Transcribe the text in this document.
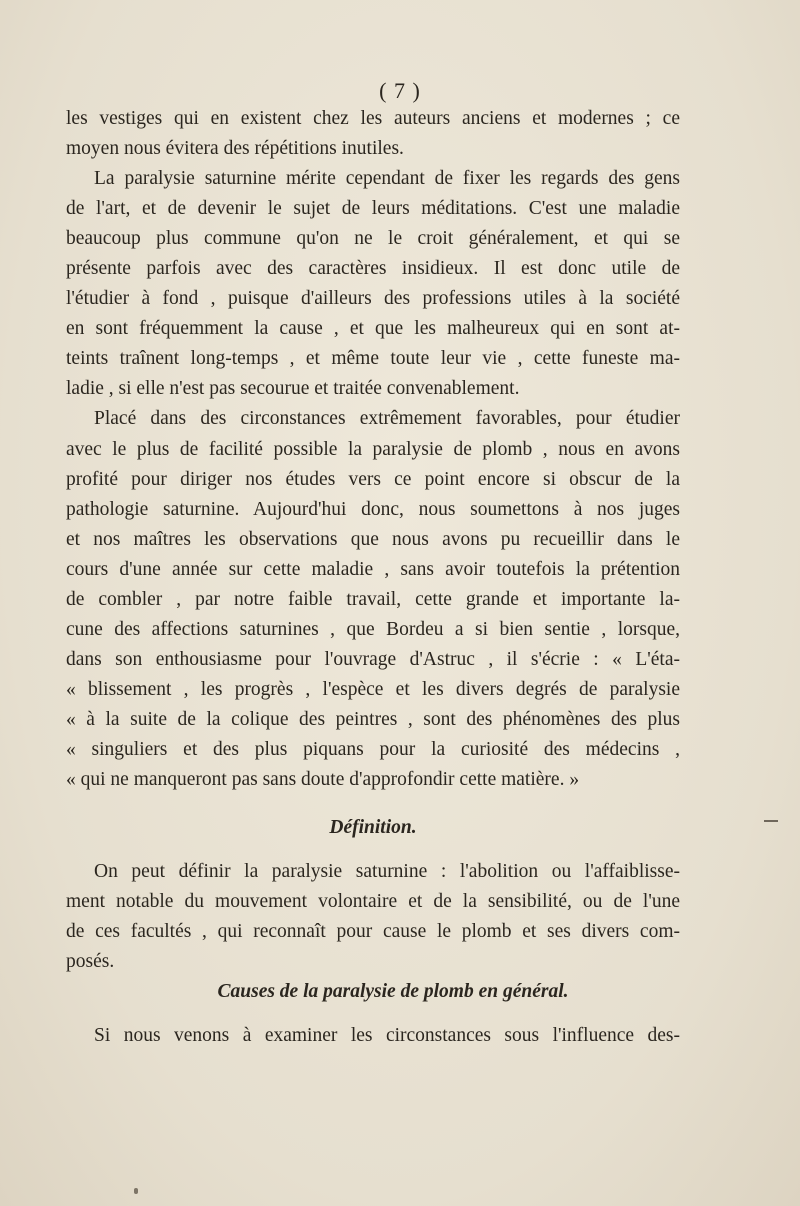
( 7 )
les vestiges qui en existent chez les auteurs anciens et modernes ; ce
moyen nous évitera des répétitions inutiles.
La paralysie saturnine mérite cependant de fixer les regards des gens
de l'art, et de devenir le sujet de leurs méditations. C'est une maladie
beaucoup plus commune qu'on ne le croit généralement, et qui se
présente parfois avec des caractères insidieux. Il est donc utile de
l'étudier à fond , puisque d'ailleurs des professions utiles à la société
en sont fréquemment la cause , et que les malheureux qui en sont at-
teints traînent long-temps , et même toute leur vie , cette funeste ma-
ladie , si elle n'est pas secourue et traitée convenablement.
Placé dans des circonstances extrêmement favorables, pour étudier
avec le plus de facilité possible la paralysie de plomb , nous en avons
profité pour diriger nos études vers ce point encore si obscur de la
pathologie saturnine. Aujourd'hui donc, nous soumettons à nos juges
et nos maîtres les observations que nous avons pu recueillir dans le
cours d'une année sur cette maladie , sans avoir toutefois la prétention
de combler , par notre faible travail, cette grande et importante la-
cune des affections saturnines , que Bordeu a si bien sentie , lorsque,
dans son enthousiasme pour l'ouvrage d'Astruc , il s'écrie : « L'éta-
« blissement , les progrès , l'espèce et les divers degrés de paralysie
« à la suite de la colique des peintres , sont des phénomènes des plus
« singuliers et des plus piquans pour la curiosité des médecins ,
« qui ne manqueront pas sans doute d'approfondir cette matière. »
Définition.
On peut définir la paralysie saturnine : l'abolition ou l'affaiblisse-
ment notable du mouvement volontaire et de la sensibilité, ou de l'une
de ces facultés , qui reconnaît pour cause le plomb et ses divers com-
posés.
Causes de la paralysie de plomb en général.
Si nous venons à examiner les circonstances sous l'influence des-
